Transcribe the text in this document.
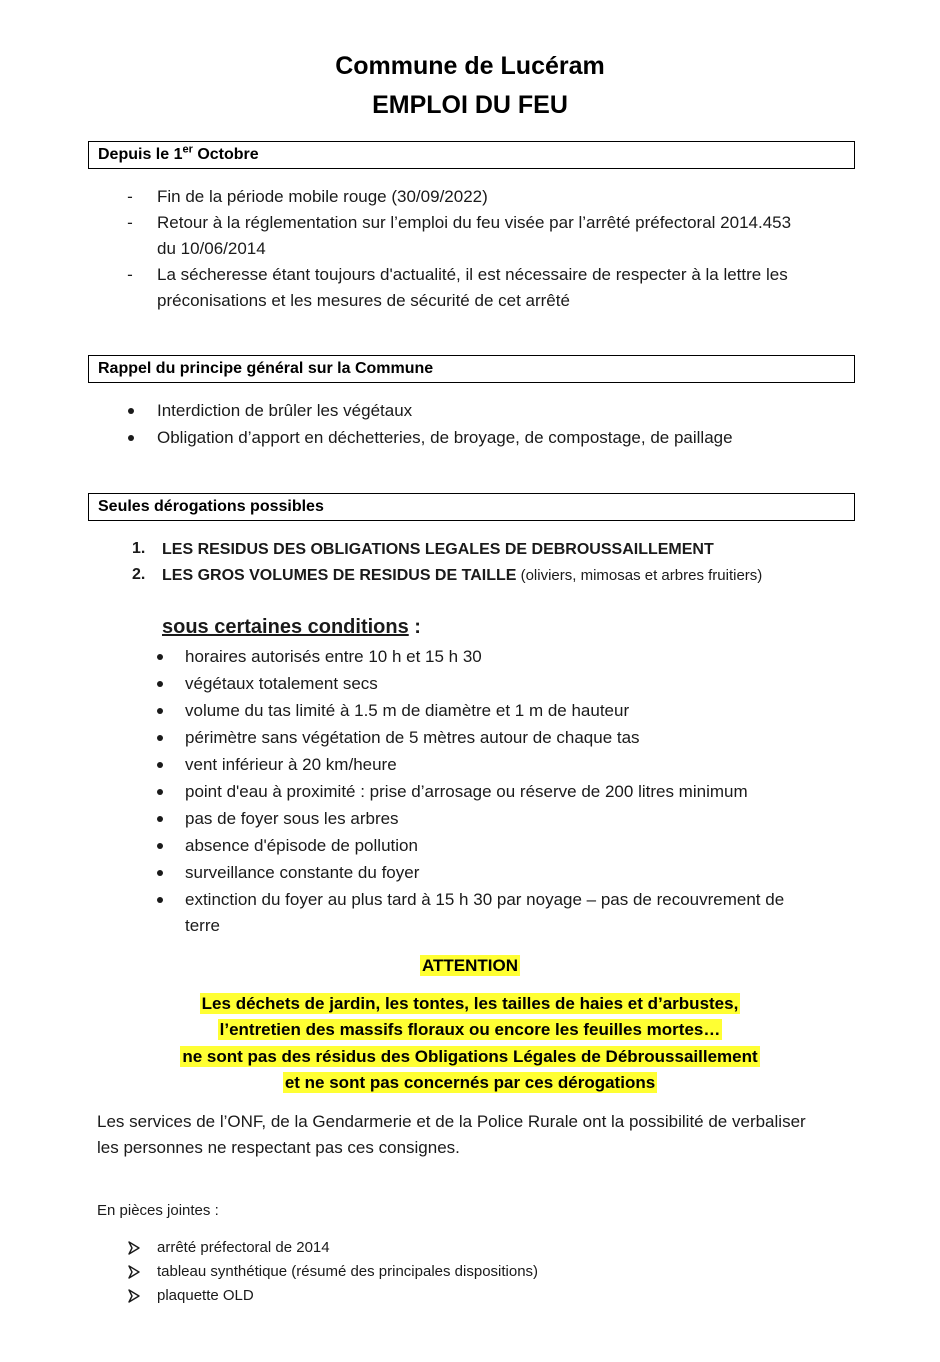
Commune de Lucéram
EMPLOI DU FEU
Depuis le 1er Octobre
-	Fin de la période mobile rouge (30/09/2022)
-	Retour à la réglementation sur l’emploi du feu visée par l’arrêté préfectoral 2014.453
du 10/06/2014
-	La sécheresse étant toujours d'actualité, il est nécessaire de respecter à la lettre les
préconisations et les mesures de sécurité de cet arrêté
Rappel du principe général sur la Commune
Interdiction de brûler les végétaux
Obligation d’apport en déchetteries, de broyage, de compostage, de paillage
Seules dérogations possibles
1. LES RESIDUS DES OBLIGATIONS LEGALES DE DEBROUSSAILLEMENT
2. LES GROS VOLUMES DE RESIDUS DE TAILLE (oliviers, mimosas et arbres fruitiers)
sous certaines conditions :
horaires autorisés entre 10 h et 15 h 30
végétaux totalement secs
volume du tas limité à 1.5 m de diamètre et 1 m de hauteur
périmètre sans végétation de 5 mètres autour de chaque tas
vent inférieur à 20 km/heure
point d'eau à proximité : prise d’arrosage ou réserve de 200 litres minimum
pas de foyer sous les arbres
absence d'épisode de pollution
surveillance constante du foyer
extinction du foyer au plus tard à 15 h 30 par noyage – pas de recouvrement de
terre
ATTENTION
Les déchets de jardin, les tontes, les tailles de haies et d’arbustes,
l’entretien des massifs floraux ou encore les feuilles mortes…
ne sont pas des résidus des Obligations Légales de Débroussaillement
et ne sont pas concernés par ces dérogations
Les services de l’ONF, de la Gendarmerie et de la Police Rurale ont la possibilité de verbaliser
les personnes ne respectant pas ces consignes.
En pièces jointes :
arrêté préfectoral de 2014
tableau synthétique (résumé des principales dispositions)
plaquette OLD
